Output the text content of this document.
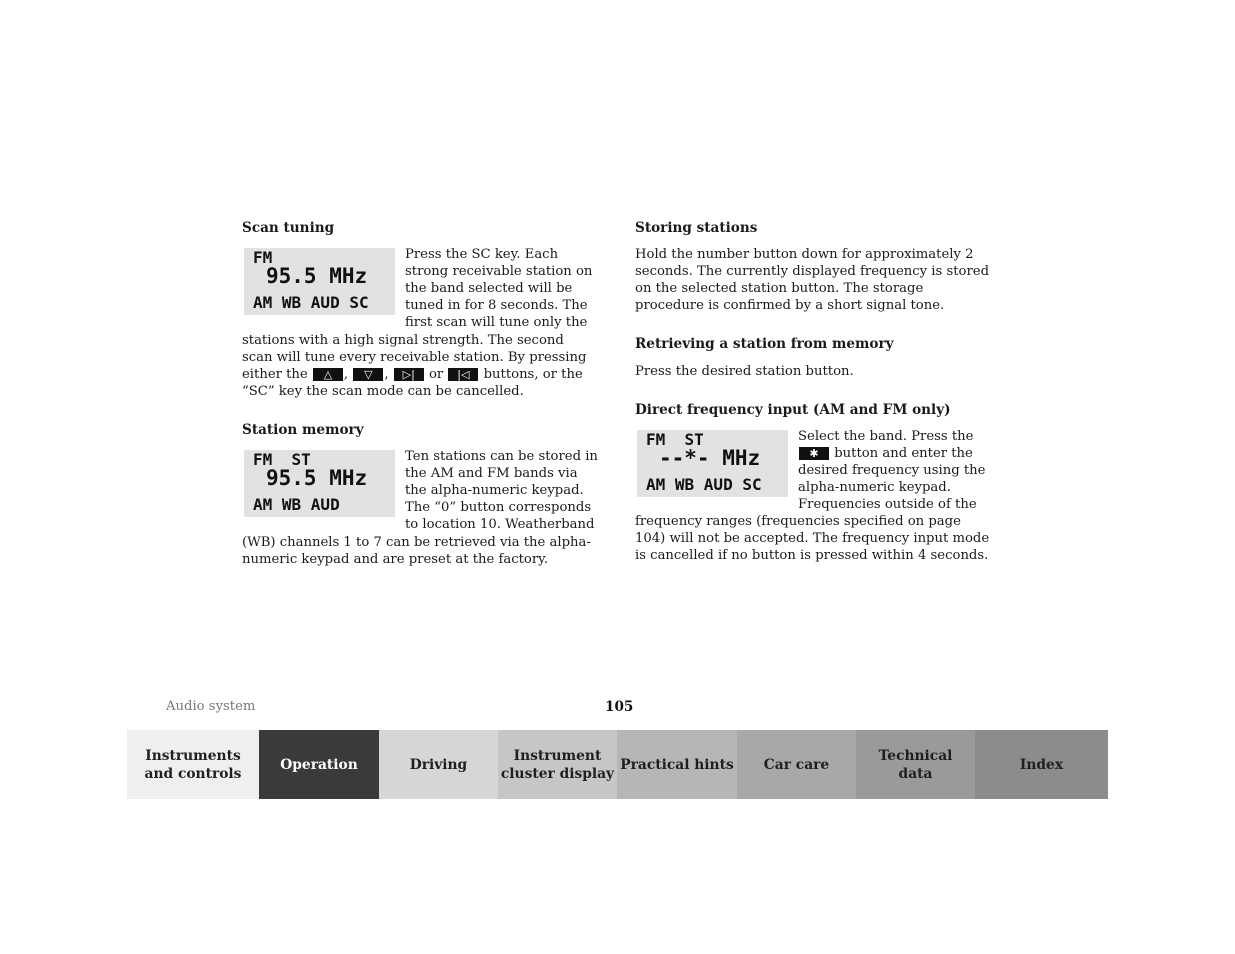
Scan tuning
FM
95.5 MHz
AM WB AUD SC

Press the SC key. Each strong receivable station on the band selected will be tuned in for 8 seconds. The first scan will tune only the stations with a high signal strength. The second scan will tune every receivable station. By pressing either the △ , ▽ , ▷| or |◁ buttons, or the “SC” key the scan mode can be cancelled.

Station memory
FM  ST
95.5 MHz
AM WB AUD

Ten stations can be stored in the AM and FM bands via the alpha-numeric keypad. The “0” button corresponds to location 10. Weatherband (WB) channels 1 to 7 can be retrieved via the alpha-numeric keypad and are preset at the factory.

Storing stations

Hold the number button down for approximately 2 seconds. The currently displayed frequency is stored on the selected station button. The storage procedure is confirmed by a short signal tone.

Retrieving a station from memory

Press the desired station button.

Direct frequency input (AM and FM only)
FM  ST
--*- MHz
AM WB AUD SC

Select the band. Press the ✱ button and enter the desired frequency using the alpha-numeric keypad. Frequencies outside of the frequency ranges (frequencies specified on page 104) will not be accepted. The frequency input mode is cancelled if no button is pressed within 4 seconds.

Audio system	105
Instruments
and controls
Operation	Driving
Instrument
cluster display
Practical hints Car care
Technical
data
Index
